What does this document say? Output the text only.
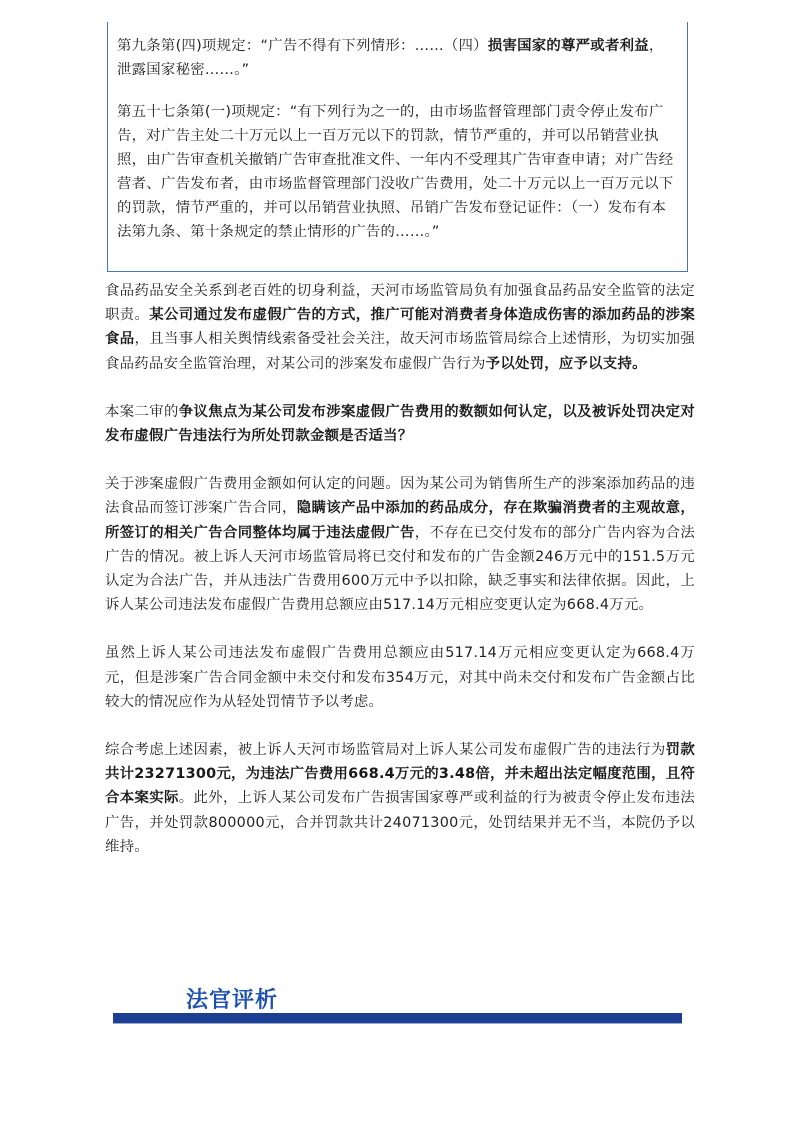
第九条第(四)项规定：“广告不得有下列情形：……（四）损害国家的尊严或者利益，泄露国家秘密……。”

第五十七条第(一)项规定：“有下列行为之一的，由市场监督管理部门责令停止发布广告，对广告主处二十万元以上一百万元以下的罚款，情节严重的，并可以吊销营业执照，由广告审查机关撤销广告审查批准文件、一年内不受理其广告审查申请；对广告经营者、广告发布者，由市场监督管理部门没收广告费用，处二十万元以上一百万元以下的罚款，情节严重的，并可以吊销营业执照、吊销广告发布登记证件：（一）发布有本法第九条、第十条规定的禁止情形的广告的……。”

食品药品安全关系到老百姓的切身利益，天河市场监管局负有加强食品药品安全监管的法定职责。某公司通过发布虚假广告的方式，推广可能对消费者身体造成伤害的添加药品的涉案食品，且当事人相关舆情线索备受社会关注，故天河市场监管局综合上述情形，为切实加强食品药品安全监管治理，对某公司的涉案发布虚假广告行为予以处罚，应予以支持。

本案二审的争议焦点为某公司发布涉案虚假广告费用的数额如何认定，以及被诉处罚决定对发布虚假广告违法行为所处罚款金额是否适当？

关于涉案虚假广告费用金额如何认定的问题。因为某公司为销售所生产的涉案添加药品的违法食品而签订涉案广告合同，隐瞒该产品中添加的药品成分，存在欺骗消费者的主观故意，所签订的相关广告合同整体均属于违法虚假广告，不存在已交付发布的部分广告内容为合法广告的情况。被上诉人天河市场监管局将已交付和发布的广告金额246万元中的151.5万元认定为合法广告，并从违法广告费用600万元中予以扣除，缺乏事实和法律依据。因此，上诉人某公司违法发布虚假广告费用总额应由517.14万元相应变更认定为668.4万元。

虽然上诉人某公司违法发布虚假广告费用总额应由517.14万元相应变更认定为668.4万元，但是涉案广告合同金额中未交付和发布354万元，对其中尚未交付和发布广告金额占比较大的情况应作为从轻处罚情节予以考虑。

综合考虑上述因素，被上诉人天河市场监管局对上诉人某公司发布虚假广告的违法行为罚款共计23271300元，为违法广告费用668.4万元的3.48倍，并未超出法定幅度范围，且符合本案实际。此外，上诉人某公司发布广告损害国家尊严或利益的行为被责令停止发布违法广告，并处罚款800000元，合并罚款共计24071300元，处罚结果并无不当，本院仍予以维持。

法官评析
